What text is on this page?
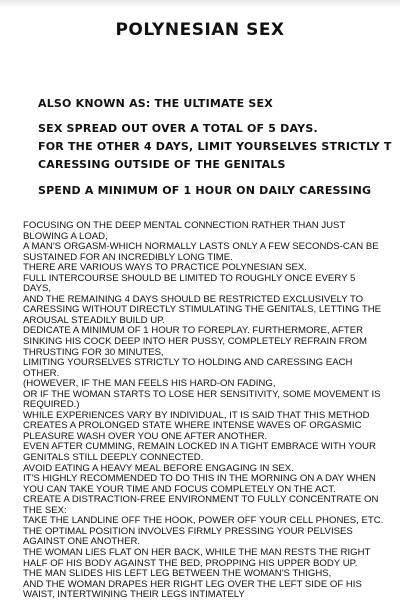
POLYNESIAN SEX
ALSO KNOWN AS: THE ULTIMATE SEX
SEX SPREAD OUT OVER A TOTAL OF 5 DAYS.
FOR THE OTHER 4 DAYS, LIMIT YOURSELVES STRICTLY T
CARESSING OUTSIDE OF THE GENITALS
SPEND A MINIMUM OF 1 HOUR ON DAILY CARESSING
FOCUSING ON THE DEEP MENTAL CONNECTION RATHER THAN JUST
BLOWING A LOAD,
A MAN'S ORGASM-WHICH NORMALLY LASTS ONLY A FEW SECONDS-CAN BE
SUSTAINED FOR AN INCREDIBLY LONG TIME.
THERE ARE VARIOUS WAYS TO PRACTICE POLYNESIAN SEX.
FULL INTERCOURSE SHOULD BE LIMITED TO ROUGHLY ONCE EVERY 5
DAYS,
AND THE REMAINING 4 DAYS SHOULD BE RESTRICTED EXCLUSIVELY TO
CARESSING WITHOUT DIRECTLY STIMULATING THE GENITALS, LETTING THE
AROUSAL STEADILY BUILD UP.
DEDICATE A MINIMUM OF 1 HOUR TO FOREPLAY. FURTHERMORE, AFTER
SINKING HIS COCK DEEP INTO HER PUSSY, COMPLETELY REFRAIN FROM
THRUSTING FOR 30 MINUTES,
LIMITING YOURSELVES STRICTLY TO HOLDING AND CARESSING EACH
OTHER.
(HOWEVER, IF THE MAN FEELS HIS HARD-ON FADING,
OR IF THE WOMAN STARTS TO LOSE HER SENSITIVITY, SOME MOVEMENT IS
REQUIRED.)
WHILE EXPERIENCES VARY BY INDIVIDUAL, IT IS SAID THAT THIS METHOD
CREATES A PROLONGED STATE WHERE INTENSE WAVES OF ORGASMIC
PLEASURE WASH OVER YOU ONE AFTER ANOTHER.
EVEN AFTER CUMMING, REMAIN LOCKED IN A TIGHT EMBRACE WITH YOUR
GENITALS STILL DEEPLY CONNECTED.
AVOID EATING A HEAVY MEAL BEFORE ENGAGING IN SEX.
IT'S HIGHLY RECOMMENDED TO DO THIS IN THE MORNING ON A DAY WHEN
YOU CAN TAKE YOUR TIME AND FOCUS COMPLETELY ON THE ACT.
CREATE A DISTRACTION-FREE ENVIRONMENT TO FULLY CONCENTRATE ON
THE SEX:
TAKE THE LANDLINE OFF THE HOOK, POWER OFF YOUR CELL PHONES, ETC.
THE OPTIMAL POSITION INVOLVES FIRMLY PRESSING YOUR PELVISES
AGAINST ONE ANOTHER.
THE WOMAN LIES FLAT ON HER BACK, WHILE THE MAN RESTS THE RIGHT
HALF OF HIS BODY AGAINST THE BED, PROPPING HIS UPPER BODY UP.
THE MAN SLIDES HIS LEFT LEG BETWEEN THE WOMAN'S THIGHS,
AND THE WOMAN DRAPES HER RIGHT LEG OVER THE LEFT SIDE OF HIS
WAIST, INTERTWINING THEIR LEGS INTIMATELY
